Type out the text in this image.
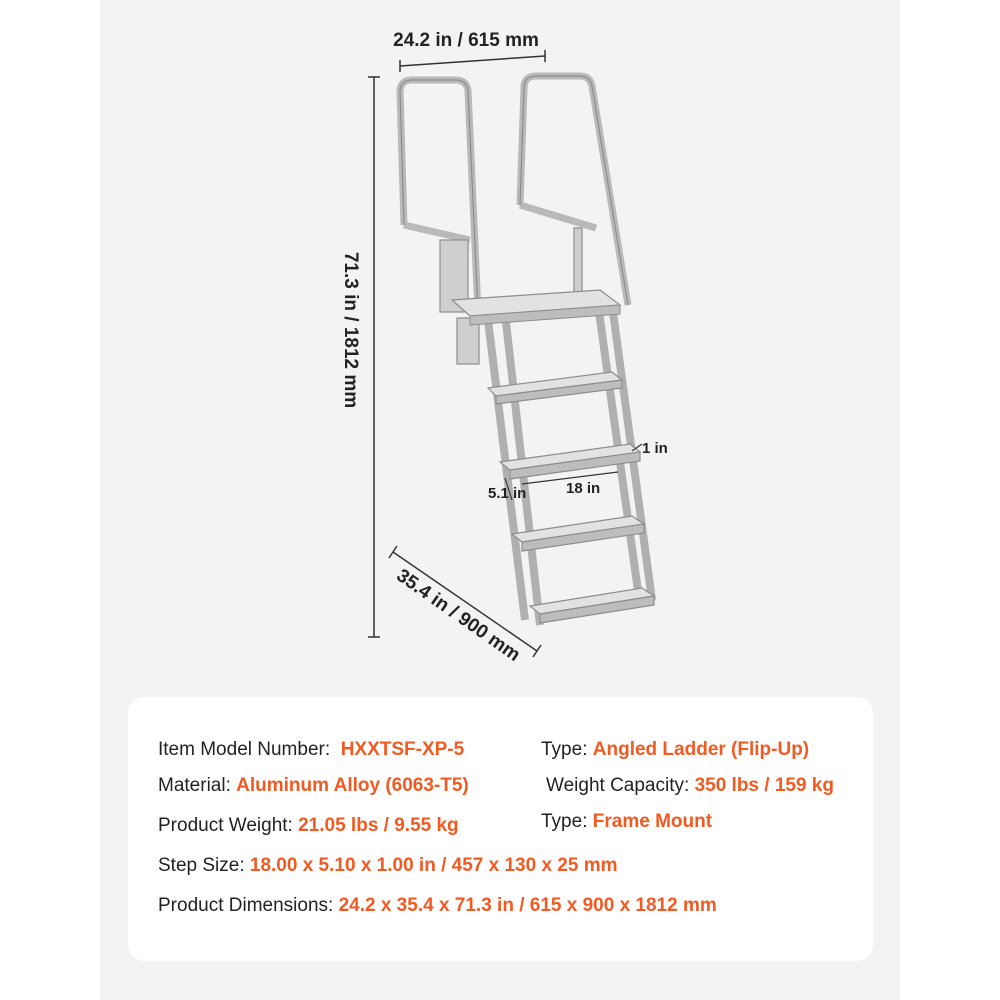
24.2 in / 615 mm
71.3 in / 1812 mm
35.4 in / 900 mm
1 in
18 in
5.1 in
Item Model Number: HXXTSF-XP-5	Type: Angled Ladder (Flip-Up)
Material: Aluminum Alloy (6063-T5)	Weight Capacity: 350 lbs / 159 kg
Product Weight: 21.05 lbs / 9.55 kg	Type: Frame Mount
Step Size: 18.00 x 5.10 x 1.00 in / 457 x 130 x 25 mm
Product Dimensions: 24.2 x 35.4 x 71.3 in / 615 x 900 x 1812 mm
